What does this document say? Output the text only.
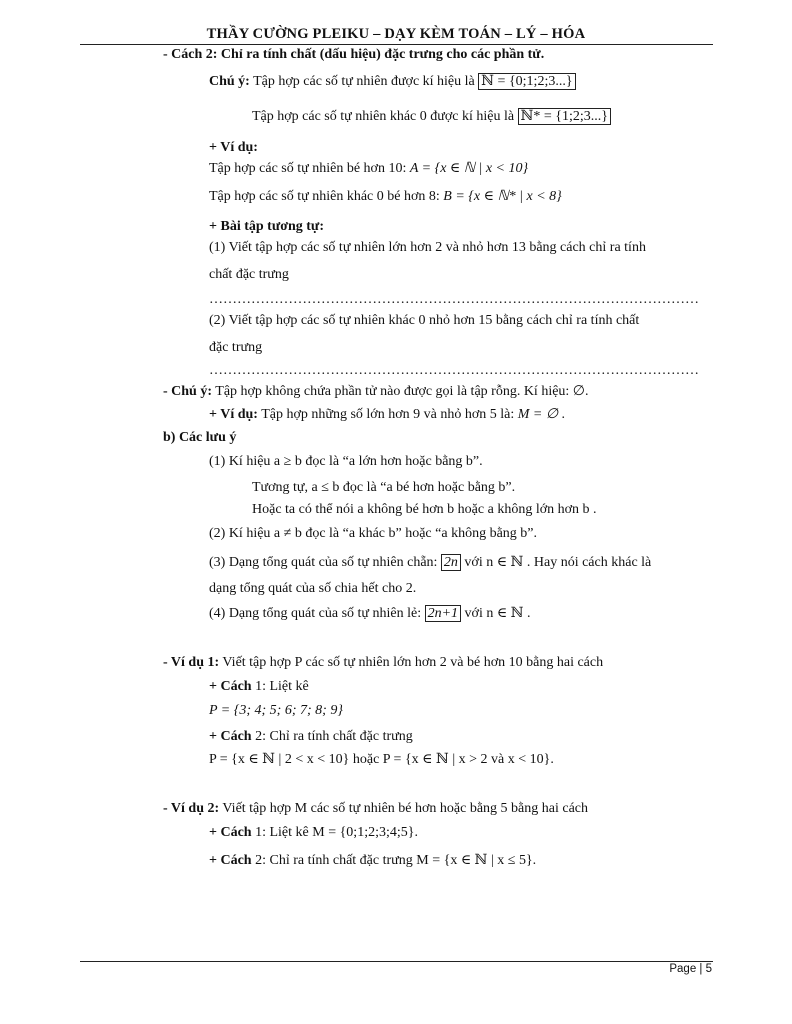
THẦY CƯỜNG PLEIKU – DẠY KÈM TOÁN – LÝ – HÓA
- Cách 2: Chỉ ra tính chất (dấu hiệu) đặc trưng cho các phần tử.
Chú ý: Tập hợp các số tự nhiên được kí hiệu là ℕ = {0;1;2;3...}
Tập hợp các số tự nhiên khác 0 được kí hiệu là ℕ* = {1;2;3...}
+ Ví dụ:
Tập hợp các số tự nhiên bé hơn 10: A = {x ∈ ℕ | x < 10}
Tập hợp các số tự nhiên khác 0 bé hơn 8: B = {x ∈ ℕ* | x < 8}
+ Bài tập tương tự:
(1) Viết tập hợp các số tự nhiên lớn hơn 2 và nhỏ hơn 13 bằng cách chỉ ra tính
chất đặc trưng
……………………………………………………………………………………………
(2) Viết tập hợp các số tự nhiên khác 0 nhỏ hơn 15 bằng cách chỉ ra tính chất
đặc trưng
……………………………………………………………………………………………
- Chú ý: Tập hợp không chứa phần tử nào được gọi là tập rỗng. Kí hiệu: ∅.
+ Ví dụ: Tập hợp những số lớn hơn 9 và nhỏ hơn 5 là: M = ∅ .
b) Các lưu ý
(1) Kí hiệu a ≥ b đọc là “a lớn hơn hoặc bằng b”.
Tương tự, a ≤ b đọc là “a bé hơn hoặc bằng b”.
Hoặc ta có thể nói a không bé hơn b hoặc a không lớn hơn b .
(2) Kí hiệu a ≠ b đọc là “a khác b” hoặc “a không bằng b”.
(3) Dạng tổng quát của số tự nhiên chẵn: 2n với n ∈ ℕ . Hay nói cách khác là
dạng tổng quát của số chia hết cho 2.
(4) Dạng tổng quát của số tự nhiên lẻ: 2n+1 với n ∈ ℕ .
- Ví dụ 1: Viết tập hợp P các số tự nhiên lớn hơn 2 và bé hơn 10 bằng hai cách
+ Cách 1: Liệt kê
P = {3; 4; 5; 6; 7; 8; 9}
+ Cách 2: Chỉ ra tính chất đặc trưng
P = {x ∈ ℕ | 2 < x < 10} hoặc P = {x ∈ ℕ | x > 2 và x < 10}.
- Ví dụ 2: Viết tập hợp M các số tự nhiên bé hơn hoặc bằng 5 bằng hai cách
+ Cách 1: Liệt kê M = {0;1;2;3;4;5}.
+ Cách 2: Chỉ ra tính chất đặc trưng M = {x ∈ ℕ | x ≤ 5}.
Page | 5
